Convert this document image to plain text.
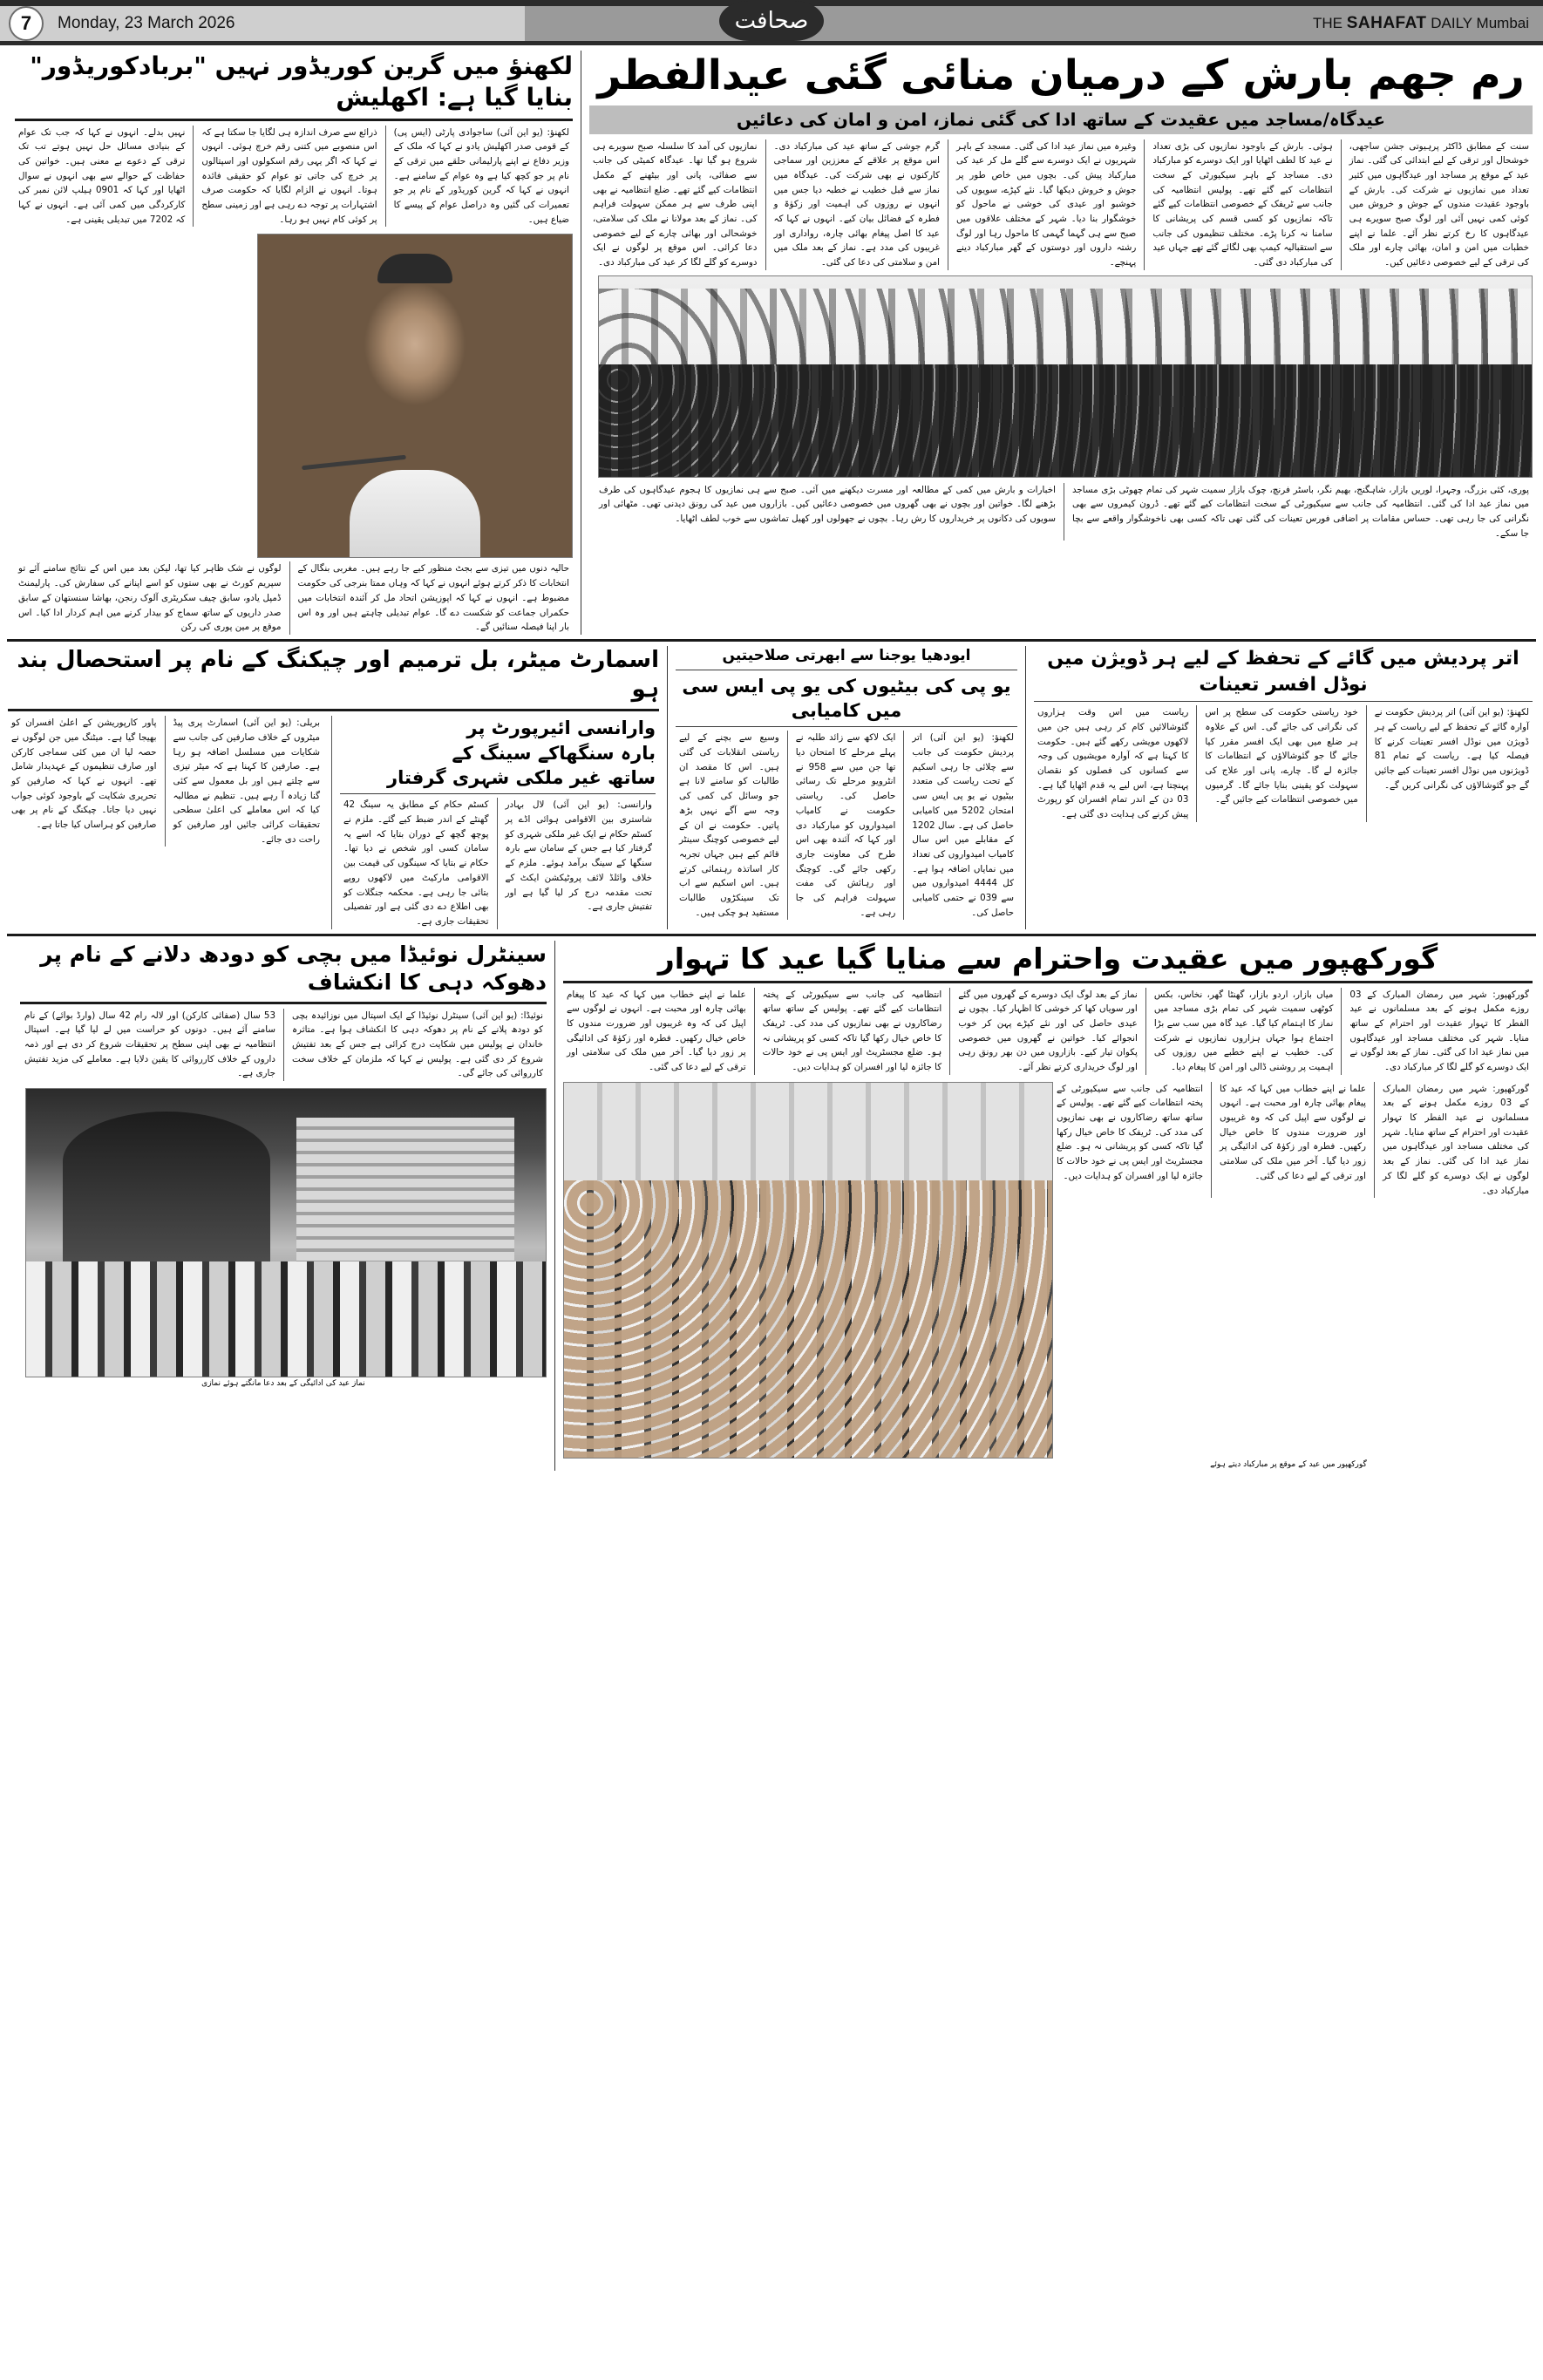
7	Monday, 23 March 2026	صحافت	THE SAHAFAT DAILY Mumbai
رم جھم بارش کے درمیان منائی گئی عیدالفطر
عیدگاہ/مساجد میں عقیدت کے ساتھ ادا کی گئی نماز، امن و امان کی دعائیں
سنت کے مطابق ڈاکٹر پرہیوتی جشن ساجھی، خوشحال اور ترقی کے لیے ابتدائی کی گئی۔ نماز عید کے موقع پر مساجد اور عیدگاہوں میں کثیر تعداد میں نمازیوں نے شرکت کی۔ بارش کے باوجود عقیدت مندوں کے جوش و خروش میں کوئی کمی نہیں آئی اور لوگ صبح سویرے ہی عیدگاہوں کا رخ کرتے نظر آئے۔ علما نے اپنے خطبات میں امن و امان، بھائی چارے اور ملک کی ترقی کے لیے خصوصی دعائیں کیں۔
ہوئی۔ بارش کے باوجود نمازیوں کی بڑی تعداد نے عید کا لطف اٹھایا اور ایک دوسرے کو مبارکباد دی۔ مساجد کے باہر سیکیورٹی کے سخت انتظامات کیے گئے تھے۔ پولیس انتظامیہ کی جانب سے ٹریفک کے خصوصی انتظامات کیے گئے تاکہ نمازیوں کو کسی قسم کی پریشانی کا سامنا نہ کرنا پڑے۔ مختلف تنظیموں کی جانب سے استقبالیہ کیمپ بھی لگائے گئے تھے جہاں عید کی مبارکباد دی گئی۔
وغیرہ میں نماز عید ادا کی گئی۔ مسجد کے باہر شہریوں نے ایک دوسرے سے گلے مل کر عید کی مبارکباد پیش کی۔ بچوں میں خاص طور پر جوش و خروش دیکھا گیا۔ نئے کپڑے، سویوں کی خوشبو اور عیدی کی خوشی نے ماحول کو خوشگوار بنا دیا۔ شہر کے مختلف علاقوں میں صبح سے ہی گہما گہمی کا ماحول رہا اور لوگ رشتہ داروں اور دوستوں کے گھر مبارکباد دینے پہنچے۔
گرم جوشی کے ساتھ عید کی مبارکباد دی۔ اس موقع پر علاقے کے معززین اور سماجی کارکنوں نے بھی شرکت کی۔ عیدگاہ میں نماز سے قبل خطیب نے خطبہ دیا جس میں انہوں نے روزوں کی اہمیت اور زکوٰۃ و فطرہ کے فضائل بیان کیے۔ انہوں نے کہا کہ عید کا اصل پیغام بھائی چارہ، رواداری اور غریبوں کی مدد ہے۔ نماز کے بعد ملک میں امن و سلامتی کی دعا کی گئی۔
نمازیوں کی آمد کا سلسلہ صبح سویرے ہی شروع ہو گیا تھا۔ عیدگاہ کمیٹی کی جانب سے صفائی، پانی اور بیٹھنے کے مکمل انتظامات کیے گئے تھے۔ ضلع انتظامیہ نے بھی اپنی طرف سے ہر ممکن سہولت فراہم کی۔ نماز کے بعد مولانا نے ملک کی سلامتی، خوشحالی اور بھائی چارے کے لیے خصوصی دعا کرائی۔ اس موقع پر لوگوں نے ایک دوسرے کو گلے لگا کر عید کی مبارکباد دی۔
پوری، کئی بزرگ، وجہرا، لوریں بازار، شاہگنج، بھیم نگر، باسٹر فرنچ، چوک بازار سمیت شہر کی تمام چھوٹی بڑی مساجد میں نماز عید ادا کی گئی۔ انتظامیہ کی جانب سے سیکیورٹی کے سخت انتظامات کیے گئے تھے۔ ڈرون کیمروں سے بھی نگرانی کی جا رہی تھی۔ حساس مقامات پر اضافی فورس تعینات کی گئی تھی تاکہ کسی بھی ناخوشگوار واقعے سے بچا جا سکے۔
اخبارات و بارش میں کمی کے مطالعہ اور مسرت دیکھنے میں آئی۔ صبح سے ہی نمازیوں کا ہجوم عیدگاہوں کی طرف بڑھنے لگا۔ خواتین اور بچوں نے بھی گھروں میں خصوصی دعائیں کیں۔ بازاروں میں عید کی رونق دیدنی تھی۔ مٹھائی اور سویوں کی دکانوں پر خریداروں کا رش رہا۔ بچوں نے جھولوں اور کھیل تماشوں سے خوب لطف اٹھایا۔
لکھنؤ میں گرین کوریڈور نہیں "بربادکوریڈور" بنایا گیا ہے: اکھلیش
لکھنؤ: (یو این آئی) ساجوادی پارٹی (ایس پی) کے قومی صدر اکھلیش یادو نے کہا کہ ملک کے وزیر دفاع نے اپنے پارلیمانی حلقے میں ترقی کے نام پر جو کچھ کیا ہے وہ عوام کے سامنے ہے۔ انہوں نے کہا کہ گرین کوریڈور کے نام پر جو تعمیرات کی گئیں وہ دراصل عوام کے پیسے کا ضیاع ہیں۔
ذرائع سے صرف اندازہ ہی لگایا جا سکتا ہے کہ اس منصوبے میں کتنی رقم خرچ ہوئی۔ انہوں نے کہا کہ اگر یہی رقم اسکولوں اور اسپتالوں پر خرچ کی جاتی تو عوام کو حقیقی فائدہ ہوتا۔ انہوں نے الزام لگایا کہ حکومت صرف اشتہارات پر توجہ دے رہی ہے اور زمینی سطح پر کوئی کام نہیں ہو رہا۔
نہیں بدلے۔ انہوں نے کہا کہ جب تک عوام کے بنیادی مسائل حل نہیں ہوتے تب تک ترقی کے دعوے بے معنی ہیں۔ خواتین کی حفاظت کے حوالے سے بھی انہوں نے سوال اٹھایا اور کہا کہ 1090 ہیلپ لائن نمبر کی کارکردگی میں کمی آئی ہے۔ انہوں نے کہا کہ 2027 میں تبدیلی یقینی ہے۔
حالیہ دنوں میں تیزی سے بجٹ منظور کیے جا رہے ہیں۔ مغربی بنگال کے انتخابات کا ذکر کرتے ہوئے انہوں نے کہا کہ وہاں ممتا بنرجی کی حکومت مضبوط ہے۔ انہوں نے کہا کہ اپوزیشن اتحاد مل کر آئندہ انتخابات میں حکمراں جماعت کو شکست دے گا۔ عوام تبدیلی چاہتے ہیں اور وہ اس بار اپنا فیصلہ سنائیں گے۔
لوگوں نے شک ظاہر کیا تھا، لیکن بعد میں اس کے نتائج سامنے آئے تو سپریم کورٹ نے بھی ستوں کو اسے اپنانے کی سفارش کی۔ پارلیمنٹ ڈمپل یادو، سابق چیف سکریٹری آلوک رنجن، بھاشا سنستھان کے سابق صدر داریوں کے ساتھ سماج کو بیدار کرنے میں اہم کردار ادا کیا۔ اس موقع پر مین پوری کی رکن
اتر پردیش میں گائے کے تحفظ کے لیے ہر ڈویژن میں نوڈل افسر تعینات
لکھنؤ: (یو این آئی) اتر پردیش حکومت نے آوارہ گائے کے تحفظ کے لیے ریاست کے ہر ڈویژن میں نوڈل افسر تعینات کرنے کا فیصلہ کیا ہے۔ ریاست کے تمام 18 ڈویژنوں میں نوڈل افسر تعینات کیے جائیں گے جو گئوشالاؤں کی نگرانی کریں گے۔
خود ریاستی حکومت کی سطح پر اس کی نگرانی کی جائے گی۔ اس کے علاوہ ہر ضلع میں بھی ایک افسر مقرر کیا جائے گا جو گئوشالاؤں کے انتظامات کا جائزہ لے گا۔ چارے، پانی اور علاج کی سہولت کو یقینی بنایا جائے گا۔ گرمیوں میں خصوصی انتظامات کیے جائیں گے۔
ریاست میں اس وقت ہزاروں گئوشالائیں کام کر رہی ہیں جن میں لاکھوں مویشی رکھے گئے ہیں۔ حکومت کا کہنا ہے کہ آوارہ مویشیوں کی وجہ سے کسانوں کی فصلوں کو نقصان پہنچتا ہے، اس لیے یہ قدم اٹھایا گیا ہے۔ 30 دن کے اندر تمام افسران کو رپورٹ پیش کرنے کی ہدایت دی گئی ہے۔
ایودھیا یوجنا سے ابھرتی صلاحیتیں
یو پی کی بیٹیوں کی یو پی ایس سی میں کامیابی
لکھنؤ: (یو این آئی) اتر پردیش حکومت کی جانب سے چلائی جا رہی اسکیم کے تحت ریاست کی متعدد بیٹیوں نے یو پی ایس سی امتحان 2025 میں کامیابی حاصل کی ہے۔ سال 2021 کے مقابلے میں اس سال کامیاب امیدواروں کی تعداد میں نمایاں اضافہ ہوا ہے۔ کل 4444 امیدواروں میں سے 930 نے حتمی کامیابی حاصل کی۔
ایک لاکھ سے زائد طلبہ نے پہلے مرحلے کا امتحان دیا تھا جن میں سے 859 نے انٹرویو مرحلے تک رسائی حاصل کی۔ ریاستی حکومت نے کامیاب امیدواروں کو مبارکباد دی اور کہا کہ آئندہ بھی اس طرح کی معاونت جاری رکھی جائے گی۔ کوچنگ اور رہائش کی مفت سہولت فراہم کی جا رہی ہے۔
وسیع سے بچنے کے لیے ریاستی انقلابات کی گئی ہیں۔ اس کا مقصد ان طالبات کو سامنے لانا ہے جو وسائل کی کمی کی وجہ سے آگے نہیں بڑھ پاتیں۔ حکومت نے ان کے لیے خصوصی کوچنگ سینٹر قائم کیے ہیں جہاں تجربہ کار اساتذہ رہنمائی کرتے ہیں۔ اس اسکیم سے اب تک سینکڑوں طالبات مستفید ہو چکی ہیں۔
اسمارٹ میٹر، بل ترمیم اور چیکنگ کے نام پر استحصال بند ہو
وارانسی ائیرپورٹ پر
بارہ سنگھاکے سینگ کے
ساتھ غیر ملکی شہری گرفتار
وارانسی: (یو این آئی) لال بہادر شاستری بین الاقوامی ہوائی اڈے پر کسٹم حکام نے ایک غیر ملکی شہری کو گرفتار کیا ہے جس کے سامان سے بارہ سنگھا کے سینگ برآمد ہوئے۔ ملزم کے خلاف وائلڈ لائف پروٹیکشن ایکٹ کے تحت مقدمہ درج کر لیا گیا ہے اور تفتیش جاری ہے۔
کسٹم حکام کے مطابق یہ سینگ 24 گھنٹے کے اندر ضبط کیے گئے۔ ملزم نے پوچھ گچھ کے دوران بتایا کہ اسے یہ سامان کسی اور شخص نے دیا تھا۔ حکام نے بتایا کہ سینگوں کی قیمت بین الاقوامی مارکیٹ میں لاکھوں روپے بتائی جا رہی ہے۔ محکمہ جنگلات کو بھی اطلاع دے دی گئی ہے اور تفصیلی تحقیقات جاری ہے۔
بریلی: (یو این آئی) اسمارٹ پری پیڈ میٹروں کے خلاف صارفین کی جانب سے شکایات میں مسلسل اضافہ ہو رہا ہے۔ صارفین کا کہنا ہے کہ میٹر تیزی سے چلتے ہیں اور بل معمول سے کئی گنا زیادہ آ رہے ہیں۔ تنظیم نے مطالبہ کیا کہ اس معاملے کی اعلیٰ سطحی تحقیقات کرائی جائیں اور صارفین کو راحت دی جائے۔
پاور کارپوریشن کے اعلیٰ افسران کو بھیجا گیا ہے۔ میٹنگ میں جن لوگوں نے حصہ لیا ان میں کئی سماجی کارکن اور صارف تنظیموں کے عہدیدار شامل تھے۔ انہوں نے کہا کہ صارفین کو تحریری شکایت کے باوجود کوئی جواب نہیں دیا جاتا۔ چیکنگ کے نام پر بھی صارفین کو ہراساں کیا جاتا ہے۔
گورکھپور میں عقیدت واحترام سے منایا گیا عید کا تہوار
گورکھپور: شہر میں رمضان المبارک کے 30 روزے مکمل ہونے کے بعد مسلمانوں نے عید الفطر کا تہوار عقیدت اور احترام کے ساتھ منایا۔ شہر کی مختلف مساجد اور عیدگاہوں میں نماز عید ادا کی گئی۔ نماز کے بعد لوگوں نے ایک دوسرے کو گلے لگا کر مبارکباد دی۔
میاں بازار، اردو بازار، گھنٹا گھر، نخاس، بکس کوٹھی سمیت شہر کی تمام بڑی مساجد میں نماز کا اہتمام کیا گیا۔ عید گاہ میں سب سے بڑا اجتماع ہوا جہاں ہزاروں نمازیوں نے شرکت کی۔ خطیب نے اپنے خطبے میں روزوں کی اہمیت پر روشنی ڈالی اور امن کا پیغام دیا۔
نماز کے بعد لوگ ایک دوسرے کے گھروں میں گئے اور سویاں کھا کر خوشی کا اظہار کیا۔ بچوں نے عیدی حاصل کی اور نئے کپڑے پہن کر خوب انجوائے کیا۔ خواتین نے گھروں میں خصوصی پکوان تیار کیے۔ بازاروں میں دن بھر رونق رہی اور لوگ خریداری کرتے نظر آئے۔
انتظامیہ کی جانب سے سیکیورٹی کے پختہ انتظامات کیے گئے تھے۔ پولیس کے ساتھ ساتھ رضاکاروں نے بھی نمازیوں کی مدد کی۔ ٹریفک کا خاص خیال رکھا گیا تاکہ کسی کو پریشانی نہ ہو۔ ضلع مجسٹریٹ اور ایس پی نے خود حالات کا جائزہ لیا اور افسران کو ہدایات دیں۔
علما نے اپنے خطاب میں کہا کہ عید کا پیغام بھائی چارہ اور محبت ہے۔ انہوں نے لوگوں سے اپیل کی کہ وہ غریبوں اور ضرورت مندوں کا خاص خیال رکھیں۔ فطرہ اور زکوٰۃ کی ادائیگی پر زور دیا گیا۔ آخر میں ملک کی سلامتی اور ترقی کے لیے دعا کی گئی۔
گورکھپور: شہر میں رمضان المبارک کے 30 روزے مکمل ہونے کے بعد مسلمانوں نے عید الفطر کا تہوار عقیدت اور احترام کے ساتھ منایا۔ شہر کی مختلف مساجد اور عیدگاہوں میں نماز عید ادا کی گئی۔ نماز کے بعد لوگوں نے ایک دوسرے کو گلے لگا کر مبارکباد دی۔
علما نے اپنے خطاب میں کہا کہ عید کا پیغام بھائی چارہ اور محبت ہے۔ انہوں نے لوگوں سے اپیل کی کہ وہ غریبوں اور ضرورت مندوں کا خاص خیال رکھیں۔ فطرہ اور زکوٰۃ کی ادائیگی پر زور دیا گیا۔ آخر میں ملک کی سلامتی اور ترقی کے لیے دعا کی گئی۔
انتظامیہ کی جانب سے سیکیورٹی کے پختہ انتظامات کیے گئے تھے۔ پولیس کے ساتھ ساتھ رضاکاروں نے بھی نمازیوں کی مدد کی۔ ٹریفک کا خاص خیال رکھا گیا تاکہ کسی کو پریشانی نہ ہو۔ ضلع مجسٹریٹ اور ایس پی نے خود حالات کا جائزہ لیا اور افسران کو ہدایات دیں۔
گورکھپور میں عید کے موقع پر مبارکباد دیتے ہوئے
سینٹرل نوئیڈا میں بچی کو دودھ دلانے کے نام پر دھوکہ دہی کا انکشاف
نوئیڈا: (یو این آئی) سینٹرل نوئیڈا کے ایک اسپتال میں نوزائیدہ بچی کو دودھ پلانے کے نام پر دھوکہ دہی کا انکشاف ہوا ہے۔ متاثرہ خاندان نے پولیس میں شکایت درج کرائی ہے جس کے بعد تفتیش شروع کر دی گئی ہے۔ پولیس نے کہا کہ ملزمان کے خلاف سخت کارروائی کی جائے گی۔
35 سال (صفائی کارکن) اور لالہ رام 24 سال (وارڈ بوائے) کے نام سامنے آئے ہیں۔ دونوں کو حراست میں لے لیا گیا ہے۔ اسپتال انتظامیہ نے بھی اپنی سطح پر تحقیقات شروع کر دی ہے اور ذمہ داروں کے خلاف کارروائی کا یقین دلایا ہے۔ معاملے کی مزید تفتیش جاری ہے۔
نماز عید کی ادائیگی کے بعد دعا مانگتے ہوئے نمازی
